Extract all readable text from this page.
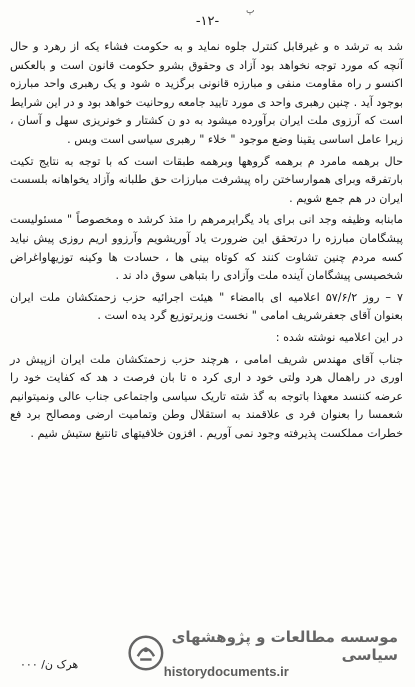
پ
-۱۲-

شد به ترشد ه و غیرقابل کنترل جلوه نماید و به حکومت فشاء یکه از رهرد و حال آنچه که مورد توجه نخواهد بود آزاد ی وحقوق بشرو حکومت قانون است و بالعکس اکنسو ر راه مقاومت منفی و مبارزه قانونی برگزید ه شود و یک رهبری واحد مبارزه بوجود آید . چنین رهبری واحد ی مورد تایید جامعه روحانیت خواهد بود و در این شرایط است که آرزوی ملت ایران برآورده میشود به دو ن کشتار و خونریزی سهل و آسان ، زیرا عامل اساسی یقینا وضع موجود " خلاء " رهبری سیاسی است وبس .

حال برهمه مامرد م برهمه گروهها وبرهمه طبقات است که با توجه به نتایج تکیت بارتفرقه وبرای هموارساختن راه پیشرفت مبارزات حق طلبانه وآزاد یخواهانه بلسست ایران در هم جمع شویم .

مابنابه وظیفه وجد انی برای یاد یگرایرمرهم را متذ کرشد ه ومخصوصاً " مسئولیست پیشگامان مبارزه را درتحقق این ضرورت یاد آوریشویم وآرزوو اریم روزی پیش نیاید کسه مردم چنین تشاوت کنند که کوتاه بینی ها ، حسادت ها وکینه توزیهاواغراض شخصیسی پیشگامان آینده ملت وآزادی را بتباهی سوق داد ند .

۷ – روز ۵۷/۶/۲ اعلامیه ای باامضاء " هیئت اجرائیه حزب زحمتکشان ملت ایران بعنوان آقای جعفرشریف امامی " نخست وزیرتوزیع گرد یده است .

در این اعلامیه نوشته شده :

جناب آقای مهندس شریف امامی ، هرچند حزب زحمتکشان ملت ایران ازپیش در اوری در راهمال هرد ولتی خود د اری کرد ه تا بان فرصت د هد که کفایت خود را عرضه کننسد معهذا باتوجه به گذ شته تاریک سیاسی واجتماعی جناب عالی ونمیتوانیم شعمسا را بعنوان فرد ی علاقمند به استقلال وطن وتمامیت ارضی ومصالح برد فع خطرات مملکست پذیرفته وجود نمی آوریم . افزون خلافیتهای تانتیغ ستیش شیم .

هرک ن/ ۰۰۰
موسسه مطالعات و پژوهشهای سیاسی
historydocuments.ir
